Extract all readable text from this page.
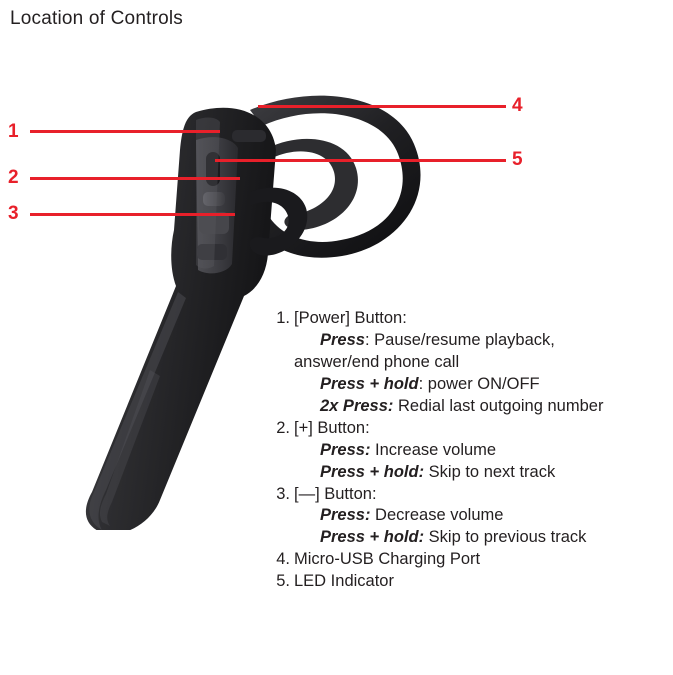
Location of Controls
1
2
3
4
5
1. [Power] Button:
Press: Pause/resume playback,
answer/end phone call
Press + hold: power ON/OFF
2x Press: Redial last outgoing number
2. [+] Button:
Press: Increase volume
Press + hold: Skip to next track
3. [—] Button:
Press: Decrease volume
Press + hold: Skip to previous track
4. Micro-USB Charging Port
5. LED Indicator
